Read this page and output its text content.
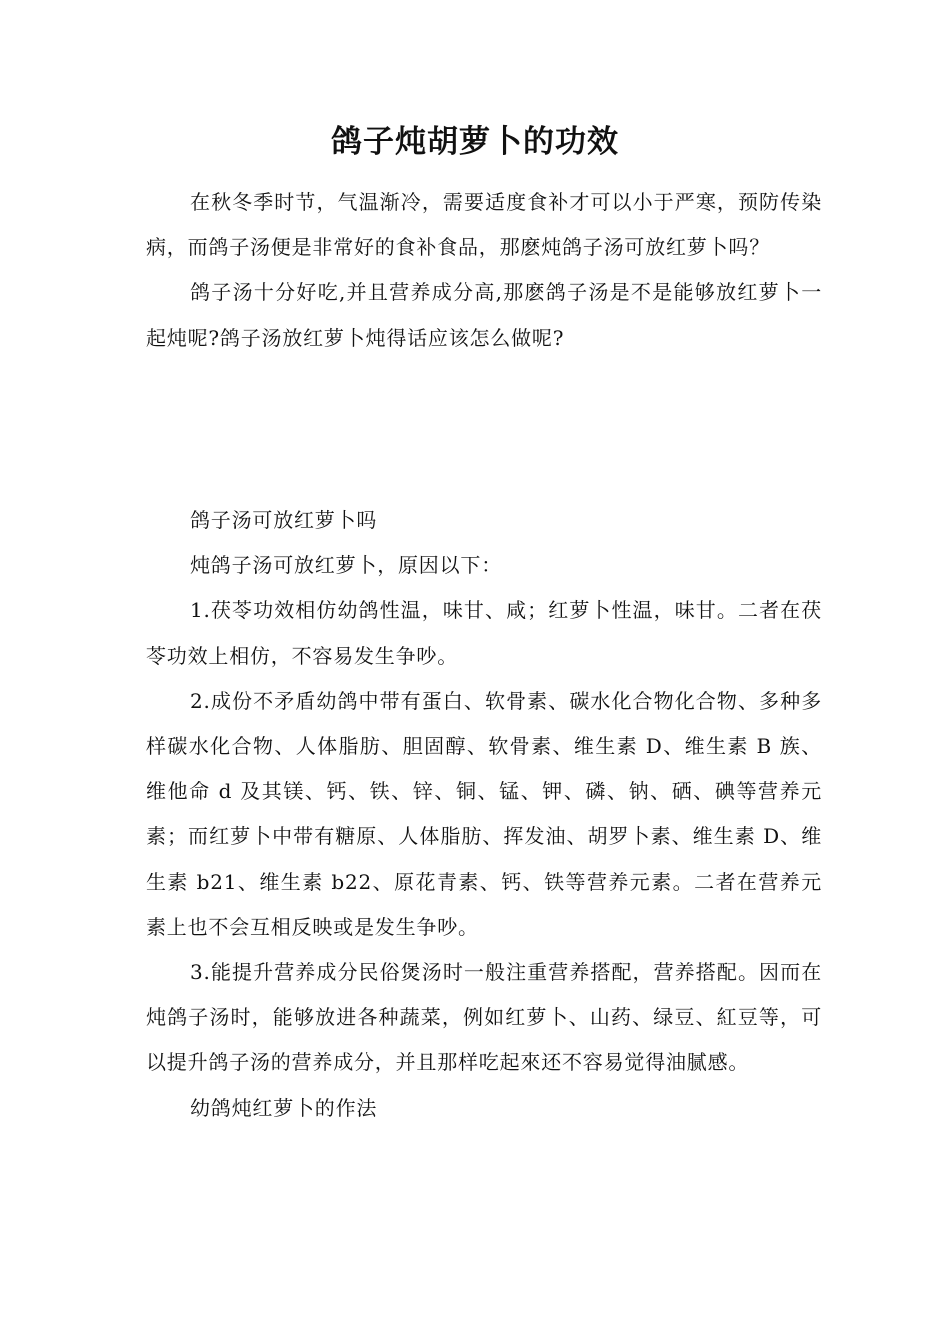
鸽子炖胡萝卜的功效

在秋冬季时节，气温渐冷，需要适度食补才可以小于严寒，预防传染病，而鸽子汤便是非常好的食补食品，那麽炖鸽子汤可放红萝卜吗？

鸽子汤十分好吃,并且营养成分高,那麽鸽子汤是不是能够放红萝卜一起炖呢?鸽子汤放红萝卜炖得话应该怎么做呢?

鸽子汤可放红萝卜吗

炖鸽子汤可放红萝卜，原因以下：

1.茯苓功效相仿幼鸽性温，味甘、咸；红萝卜性温，味甘。二者在茯苓功效上相仿，不容易发生争吵。

2.成份不矛盾幼鸽中带有蛋白、软骨素、碳水化合物化合物、多种多样碳水化合物、人体脂肪、胆固醇、软骨素、维生素 D、维生素 B 族、维他命 d 及其镁、钙、铁、锌、铜、锰、钾、磷、钠、硒、碘等营养元素；而红萝卜中带有糖原、人体脂肪、挥发油、胡罗卜素、维生素 D、维生素 b21、维生素 b22、原花青素、钙、铁等营养元素。二者在营养元素上也不会互相反映或是发生争吵。

3.能提升营养成分民俗煲汤时一般注重营养搭配，营养搭配。因而在炖鸽子汤时，能够放进各种蔬菜，例如红萝卜、山药、绿豆、紅豆等，可以提升鸽子汤的营养成分，并且那样吃起來还不容易觉得油腻感。

幼鸽炖红萝卜的作法
